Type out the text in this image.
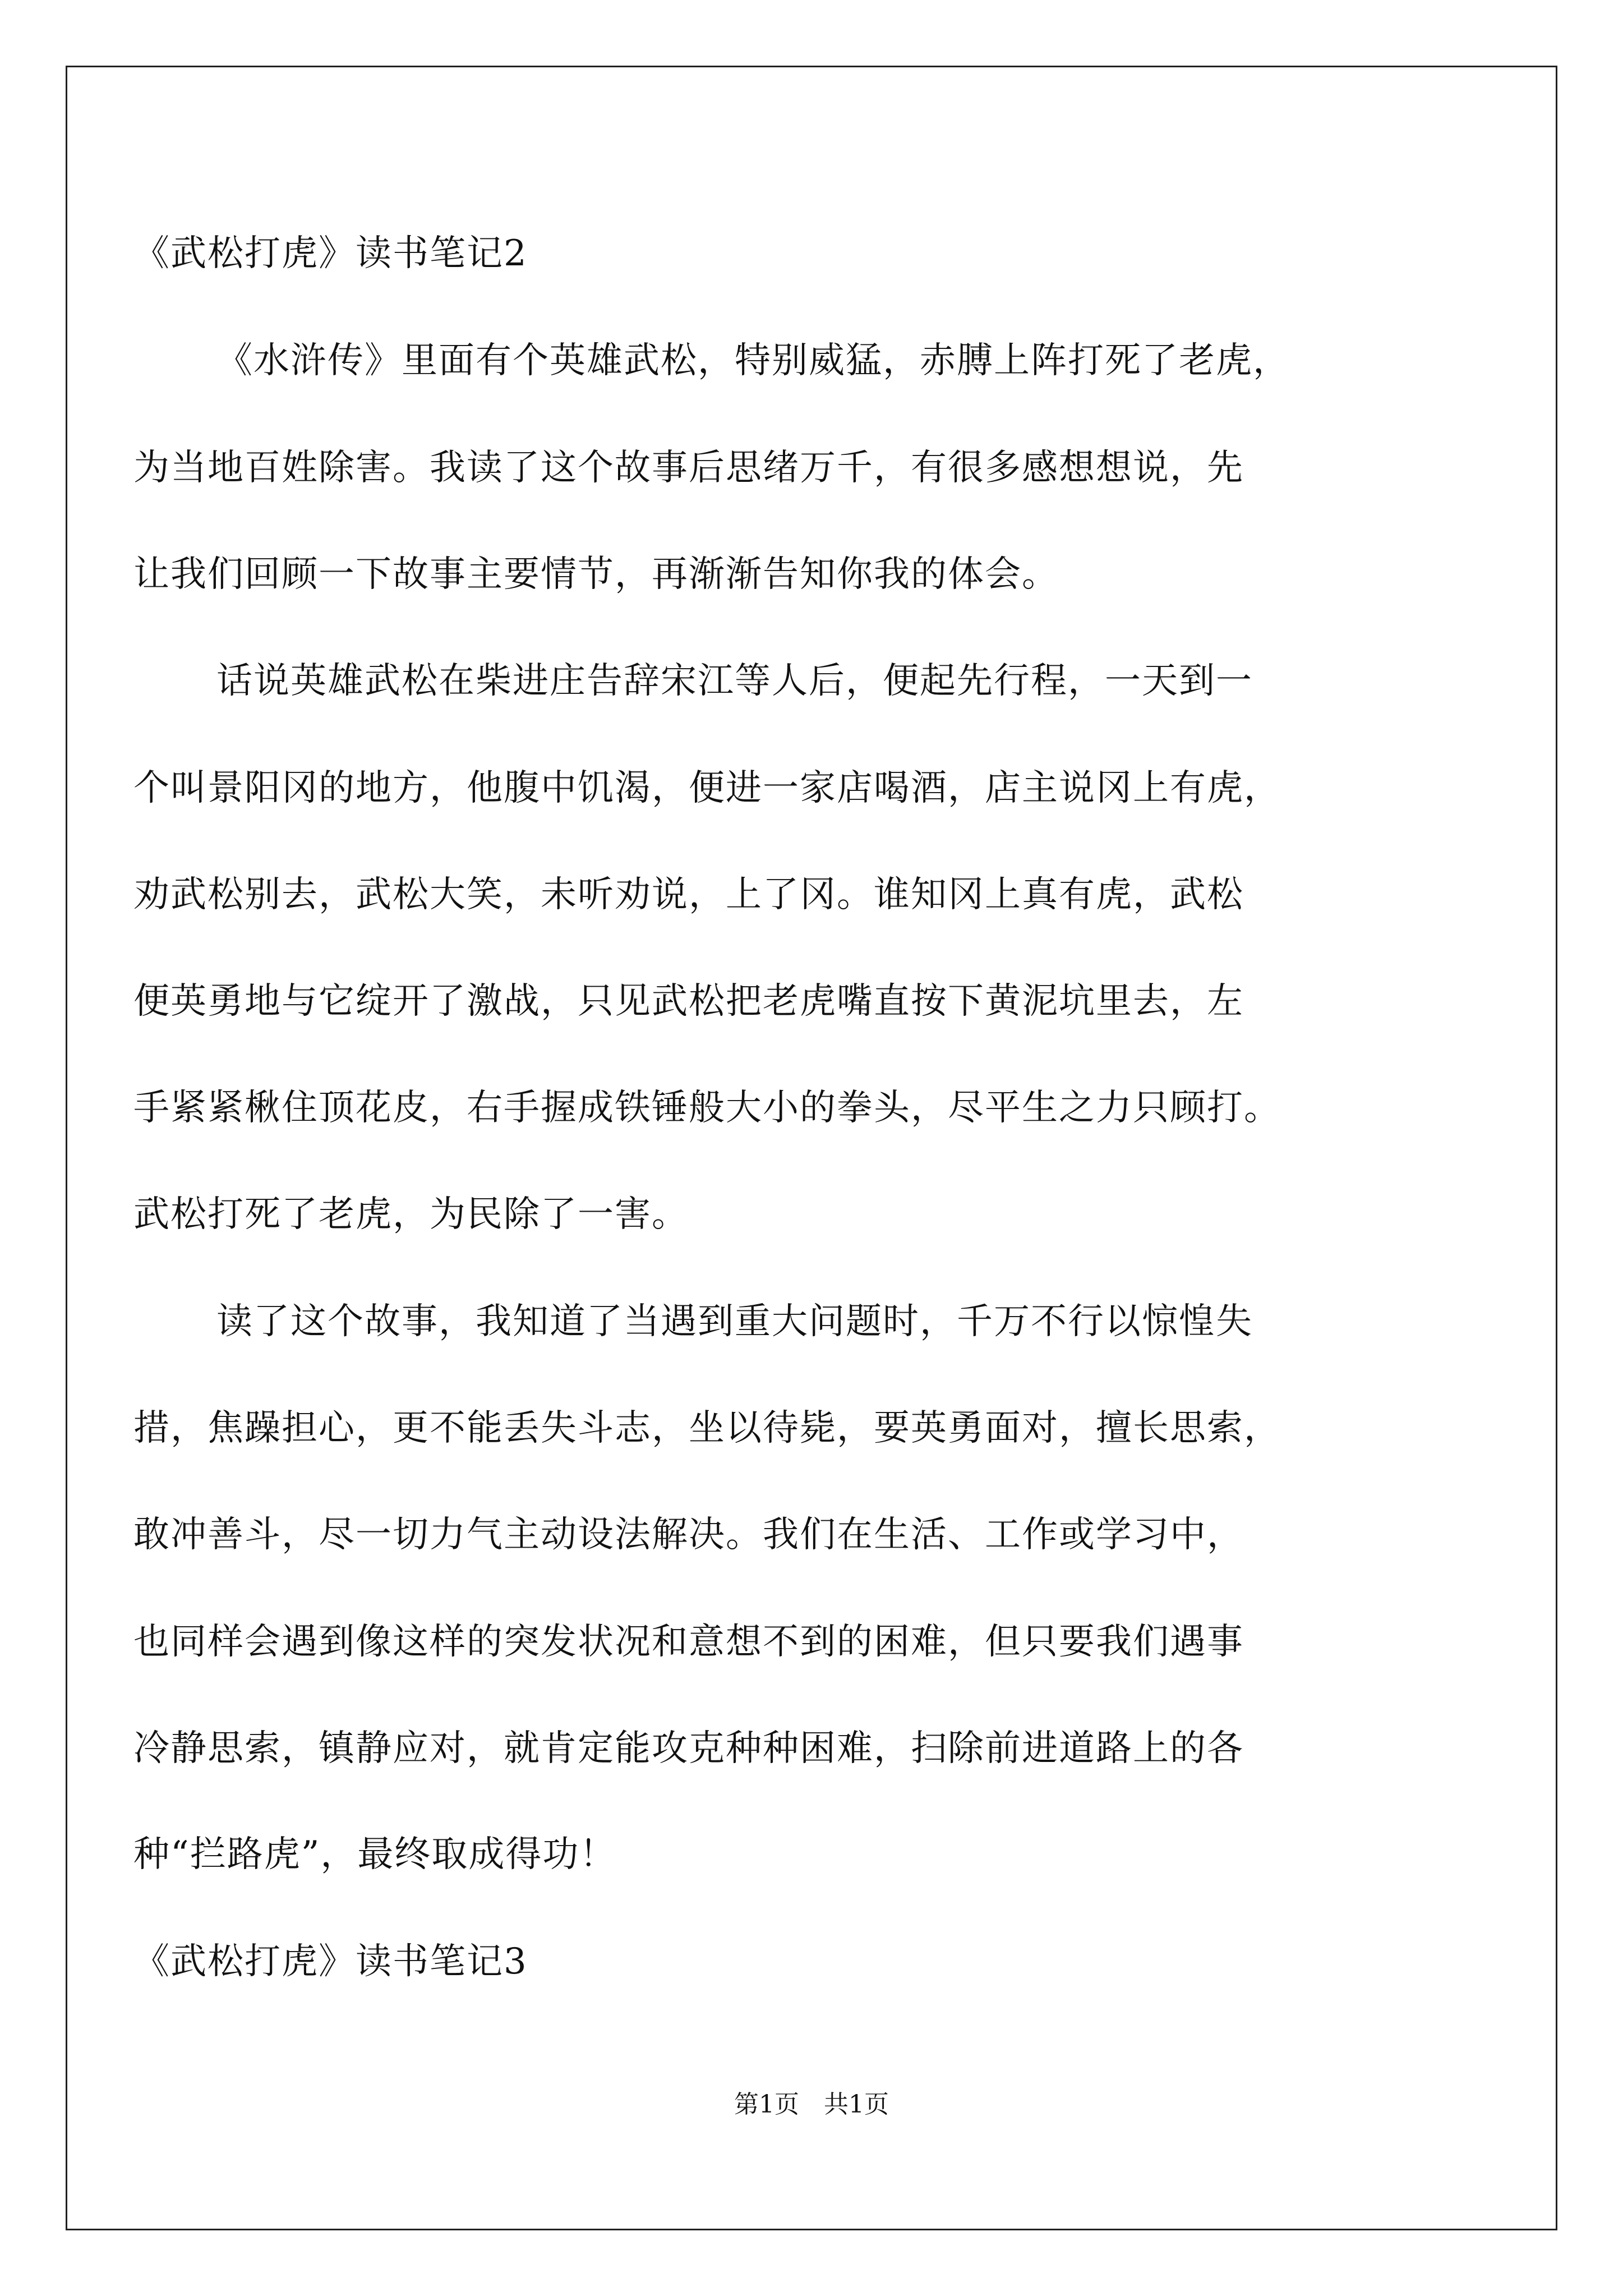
《武松打虎》读书笔记2
《水浒传》里面有个英雄武松，特别威猛，赤膊上阵打死了老虎，
为当地百姓除害。我读了这个故事后思绪万千，有很多感想想说，先
让我们回顾一下故事主要情节，再渐渐告知你我的体会。
话说英雄武松在柴进庄告辞宋江等人后，便起先行程，一天到一
个叫景阳冈的地方，他腹中饥渴，便进一家店喝酒，店主说冈上有虎，
劝武松别去，武松大笑，未听劝说，上了冈。谁知冈上真有虎，武松
便英勇地与它绽开了激战，只见武松把老虎嘴直按下黄泥坑里去，左
手紧紧楸住顶花皮，右手握成铁锤般大小的拳头，尽平生之力只顾打。
武松打死了老虎，为民除了一害。
读了这个故事，我知道了当遇到重大问题时，千万不行以惊惶失
措，焦躁担心，更不能丢失斗志，坐以待毙，要英勇面对，擅长思索，
敢冲善斗，尽一切力气主动设法解决。我们在生活、工作或学习中，
也同样会遇到像这样的突发状况和意想不到的困难，但只要我们遇事
冷静思索，镇静应对，就肯定能攻克种种困难，扫除前进道路上的各
种“拦路虎”，最终取成得功！
《武松打虎》读书笔记3
第1页　共1页
